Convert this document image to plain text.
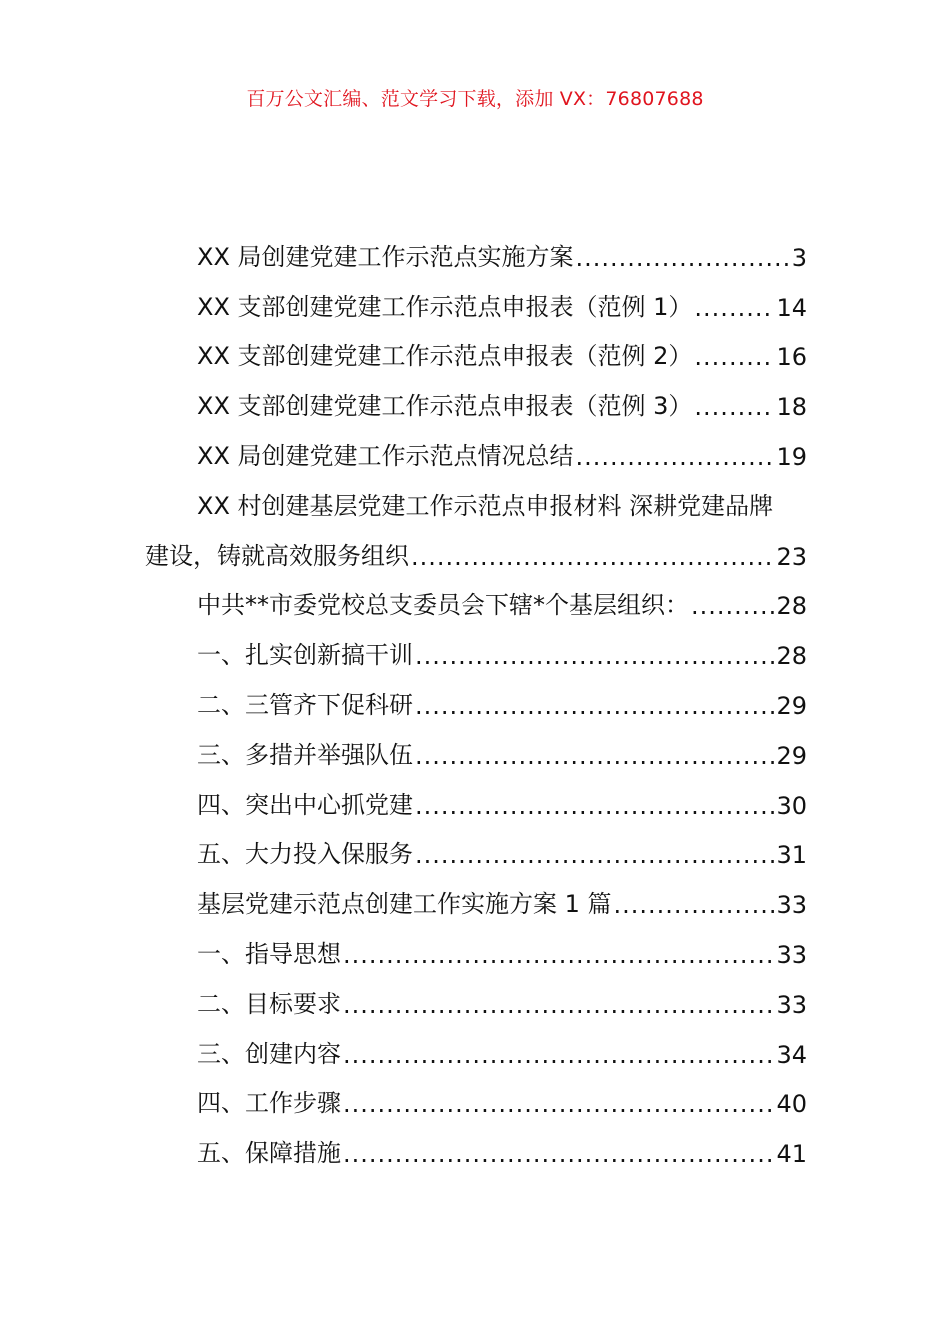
百万公文汇编、范文学习下载，添加 VX：76807688
XX 局创建党建工作示范点实施方案 .....	3
XX 支部创建党建工作示范点申报表（范例 1） .....	14
XX 支部创建党建工作示范点申报表（范例 2） .....	16
XX 支部创建党建工作示范点申报表（范例 3） .....	18
XX 局创建党建工作示范点情况总结 .....	19
XX 村创建基层党建工作示范点申报材料 深耕党建品牌
建设，铸就高效服务组织 .....	23
中共**市委党校总支委员会下辖*个基层组织： .....	28
一、扎实创新搞干训 .....	28
二、三管齐下促科研 .....	29
三、多措并举强队伍 .....	29
四、突出中心抓党建 .....	30
五、大力投入保服务 .....	31
基层党建示范点创建工作实施方案 1 篇 .....	33
一、指导思想 .....	33
二、目标要求 .....	33
三、创建内容 .....	34
四、工作步骤 .....	40
五、保障措施 .....	41
